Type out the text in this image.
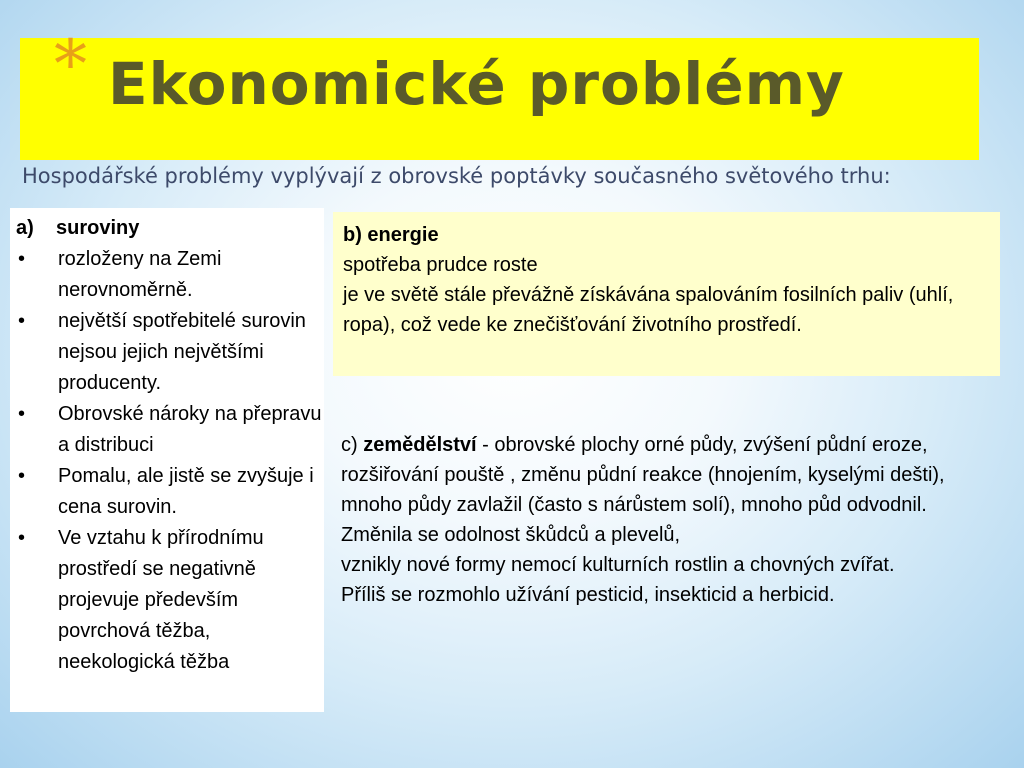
* Ekonomické problémy
Hospodářské problémy vyplývají z obrovské poptávky současného světového trhu:
a) suroviny
• rozloženy na Zemi nerovnoměrně.
• největší spotřebitelé surovin nejsou jejich největšími producenty.
• Obrovské nároky na přepravu a distribuci
• Pomalu, ale jistě se zvyšuje i cena surovin.
• Ve vztahu k přírodnímu prostředí se negativně projevuje především povrchová těžba, neekologická těžba

b) energie

spotřeba prudce roste

je ve světě stále převážně získávána spalováním fosilních paliv (uhlí, ropa), což vede ke znečišťování životního prostředí.

c) zemědělství - obrovské plochy orné půdy, zvýšení půdní eroze, rozšiřování pouště , změnu půdní reakce (hnojením, kyselými dešti), mnoho půdy zavlažil (často s nárůstem solí), mnoho půd odvodnil.

Změnila se odolnost škůdců a plevelů,

vznikly nové formy nemocí kulturních rostlin a chovných zvířat.

Příliš se rozmohlo užívání pesticid, insekticid a herbicid.
